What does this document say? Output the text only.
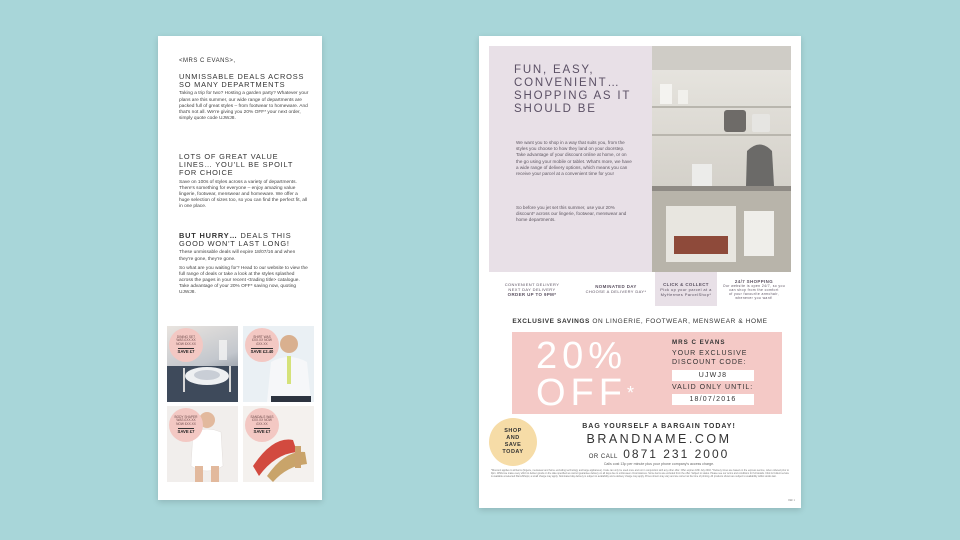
<MRS C EVANS>,

UNMISSABLE DEALS ACROSS SO MANY DEPARTMENTS

Taking a trip for two? Hosting a garden party? Whatever your plans are this summer, our wide range of departments are packed full of great styles – from footwear to homeware. And that's not all. We're giving you 20% OFF* your next order, simply quote code UJWJ8.

LOTS OF GREAT VALUE LINES… YOU'LL BE SPOILT FOR CHOICE

Save on 100s of styles across a variety of departments. There's something for everyone – enjoy amazing value lingerie, footwear, menswear and homeware. We offer a huge selection of sizes too, so you can find the perfect fit, all in one place.

BUT HURRY… DEALS THIS GOOD WON'T LAST LONG!

These unmissable deals will expire 18/07/16 and when they're gone, they're gone.

So what are you waiting for? Head to our website to view the full range of deals or take a look at the styles splashed across the pages in your recent <trading title> catalogue. Take advantage of your 20% OFF* saving now, quoting UJWJ8.

DINING SET WAS £XX.XX NOW £XX.XX
SAVE £7
SHIRT WAS £XX.XX NOW £XX.XX
SAVE £2.40
BODY SHAPER WAS £XX.XX NOW £XX.XX
SAVE £7
SANDALS WAS £XX.XX NOW £XX.XX
SAVE £7
FUN, EASY, CONVENIENT… SHOPPING AS IT SHOULD BE
We want you to shop in a way that suits you, from the styles you choose to how they land on your doorstep. Take advantage of your discount online at home, or on the go using your mobile or tablet. What's more, we have a wide range of delivery options, which means you can receive your parcel at a convenient time for you!
So before you jet set this summer, use your 20% discount* across our lingerie, footwear, menswear and home departments.
CONVENIENT DELIVERY
NEXT DAY DELIVERY
ORDER UP TO 9PM*
NOMINATED DAY
CHOOSE A DELIVERY DAY*
CLICK & COLLECT
Pick up your parcel at a
MyHermes ParcelShop*
24/7 SHOPPING
Our website is open 24/7, so you can shop from the comfort
of your favourite armchair, whenever you want!
EXCLUSIVE SAVINGS ON LINGERIE, FOOTWEAR, MENSWEAR & HOME
20%
OFF*
MRS C EVANS
YOUR EXCLUSIVE
DISCOUNT CODE:
UJWJ8
VALID ONLY UNTIL:
18/07/2016
SHOP
AND
SAVE
TODAY
BAG YOURSELF A BARGAIN TODAY!
BRANDNAME.COM
OR CALL 0871 231 2000
Calls cost 13p per minute plus your phone company's access charge.
*Discount applies to all items (lingerie, menswear and home excluding technology and large appliances). Code can only be used once and not in conjunction with any other offer. Offer expires 18th July 2016. *Delivery times are based on the express service, when ordered prior to 9pm. Whilst we make every effort to deliver goods on the date specified we cannot guarantee delivery on all days due to unforeseen circumstances. Some items are excluded from the offer. Subject to status. Please see our terms and conditions for full details. Click & Collect service is available at selected ParcelShops; a small charge may apply. Nominated day delivery is subject to availability and a delivery charge may apply. Prices shown may vary and are correct at the time of printing. All products shown are subject to availability whilst stocks last.
REF 1
